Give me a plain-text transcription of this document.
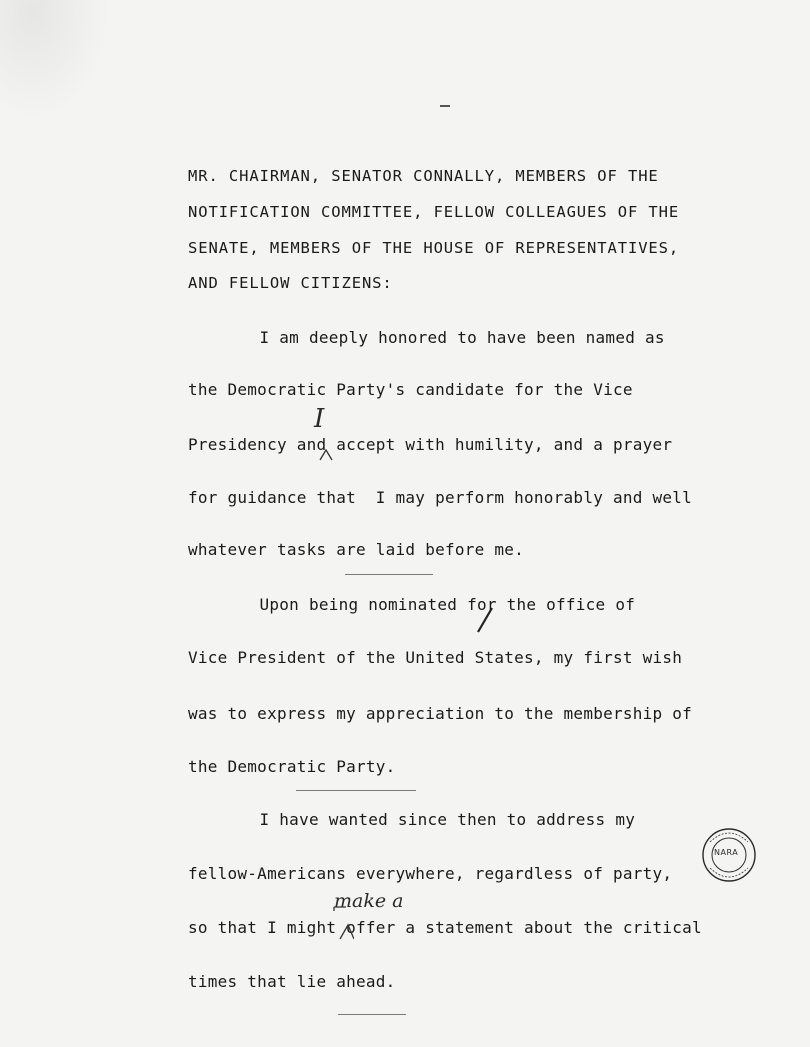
MR. CHAIRMAN, SENATOR CONNALLY, MEMBERS OF THE
NOTIFICATION COMMITTEE, FELLOW COLLEAGUES OF THE
SENATE, MEMBERS OF THE HOUSE OF REPRESENTATIVES,
AND FELLOW CITIZENS:
I am deeply honored to have been named as
the Democratic Party's candidate for the Vice
Presidency and accept with humility, and a prayer
for guidance that  I may perform honorably and well
whatever tasks are laid before me.
Upon being nominated for the office of
Vice President of the United States, my first wish
was to express my appreciation to the membership of
the Democratic Party.
I have wanted since then to address my
fellow-Americans everywhere, regardless of party,
so that I might offer a statement about the critical
times that lie ahead.
I
make a
NARA
